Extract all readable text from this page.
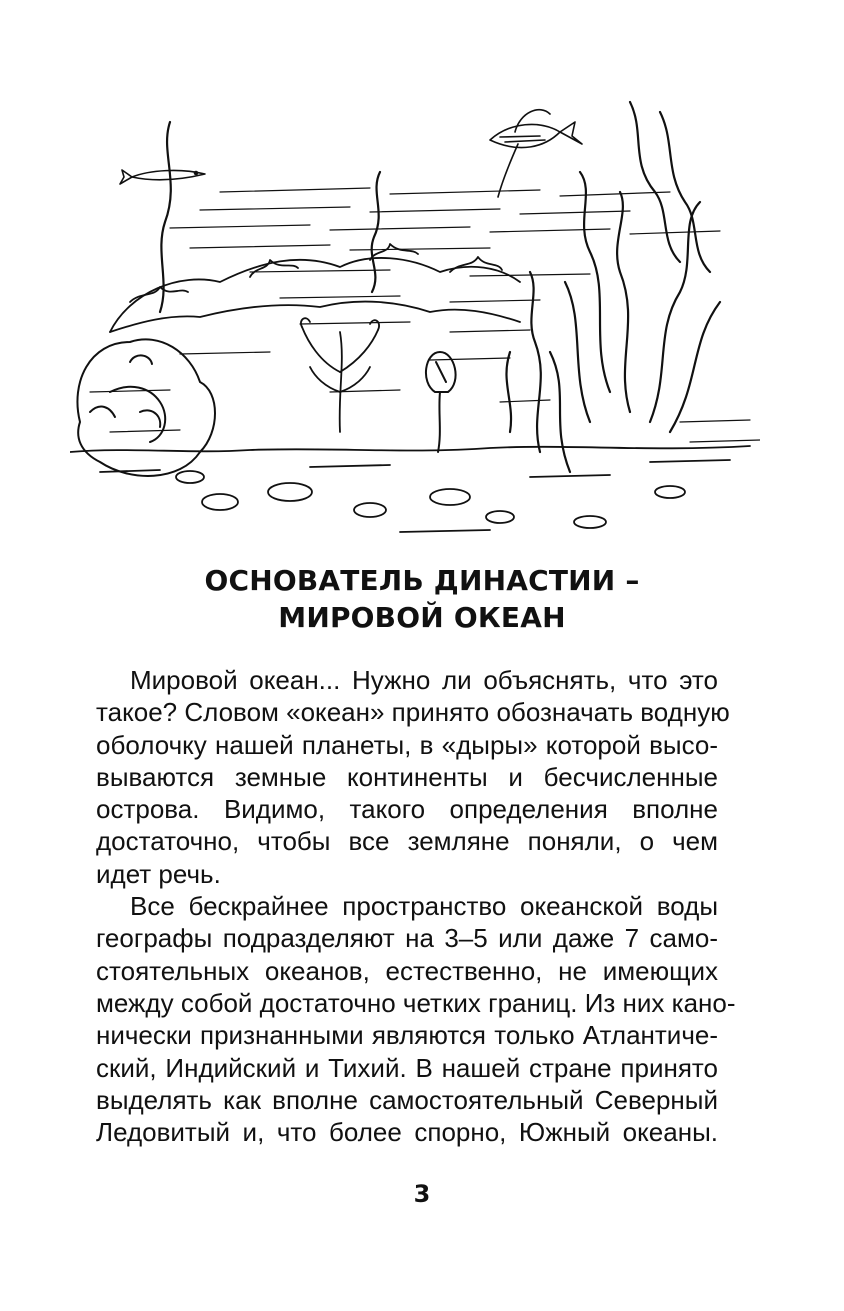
ОСНОВАТЕЛЬ ДИНАСТИИ –
МИРОВОЙ ОКЕАН
Мировой океан... Нужно ли объяснять, что это
такое? Словом «океан» принято обозначать водную
оболочку нашей планеты, в «дыры» которой высо-
вываются земные континенты и бесчисленные
острова. Видимо, такого определения вполне
достаточно, чтобы все земляне поняли, о чем
идет речь.
Все бескрайнее пространство океанской воды
географы подразделяют на 3–5 или даже 7 само-
стоятельных океанов, естественно, не имеющих
между собой достаточно четких границ. Из них кано-
нически признанными являются только Атлантиче-
ский, Индийский и Тихий. В нашей стране принято
выделять как вполне самостоятельный Северный
Ледовитый и, что более спорно, Южный океаны.
3
